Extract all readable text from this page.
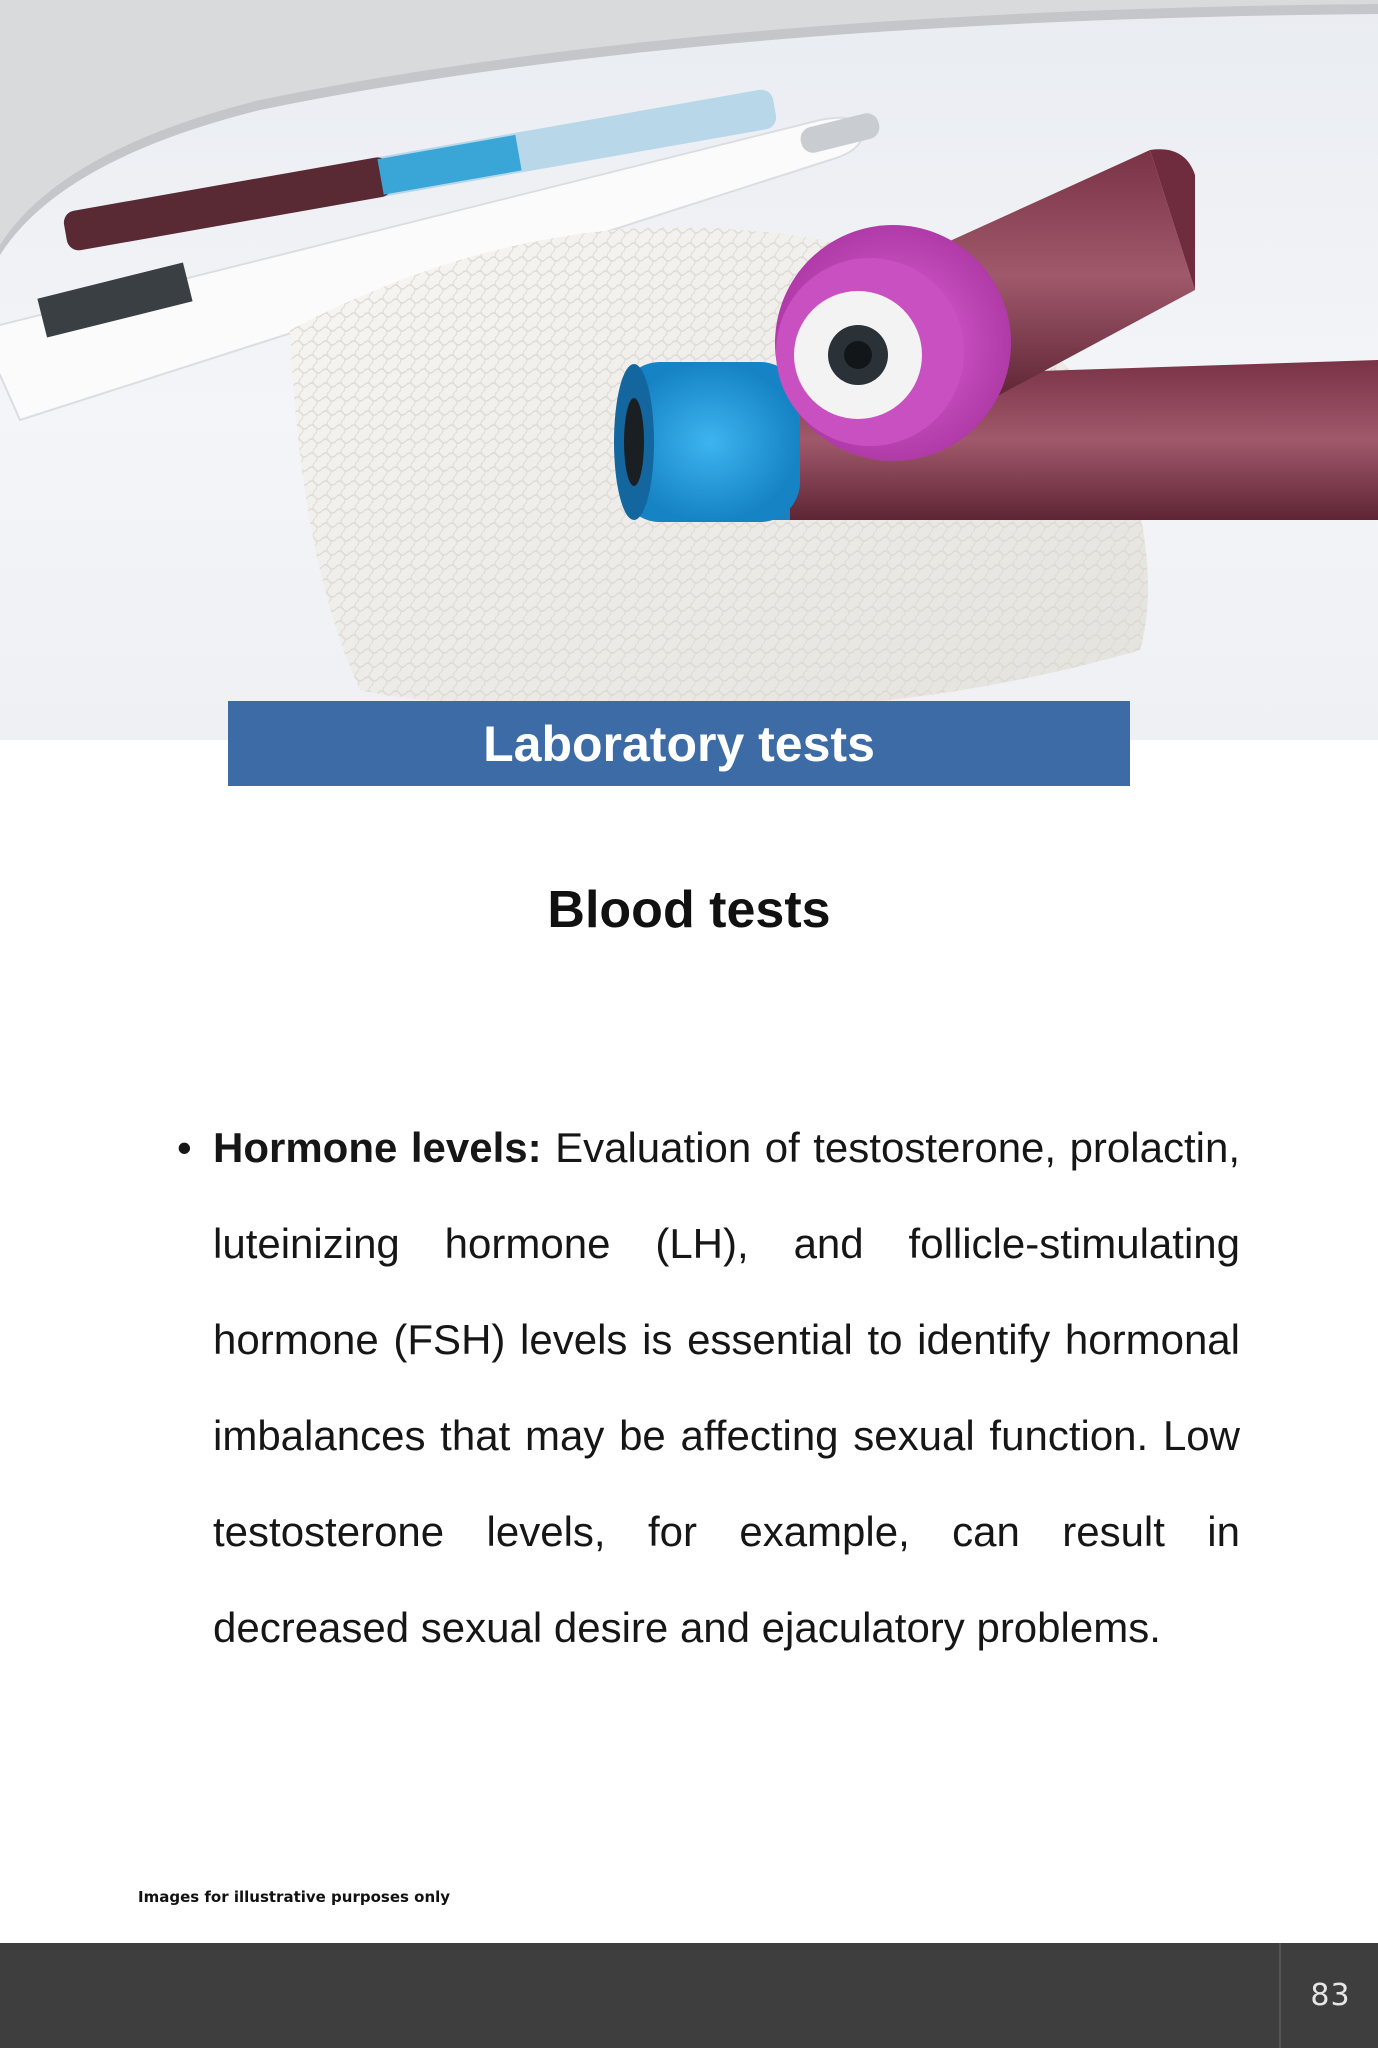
Laboratory tests
Blood tests
• Hormone levels: Evaluation of testosterone, prolactin, luteinizing hormone (LH), and follicle-stimulating hormone (FSH) levels is essential to identify hormonal imbalances that may be affecting sexual function. Low testosterone levels, for example, can result in decreased sexual desire and ejaculatory problems.
Images for illustrative purposes only
83
